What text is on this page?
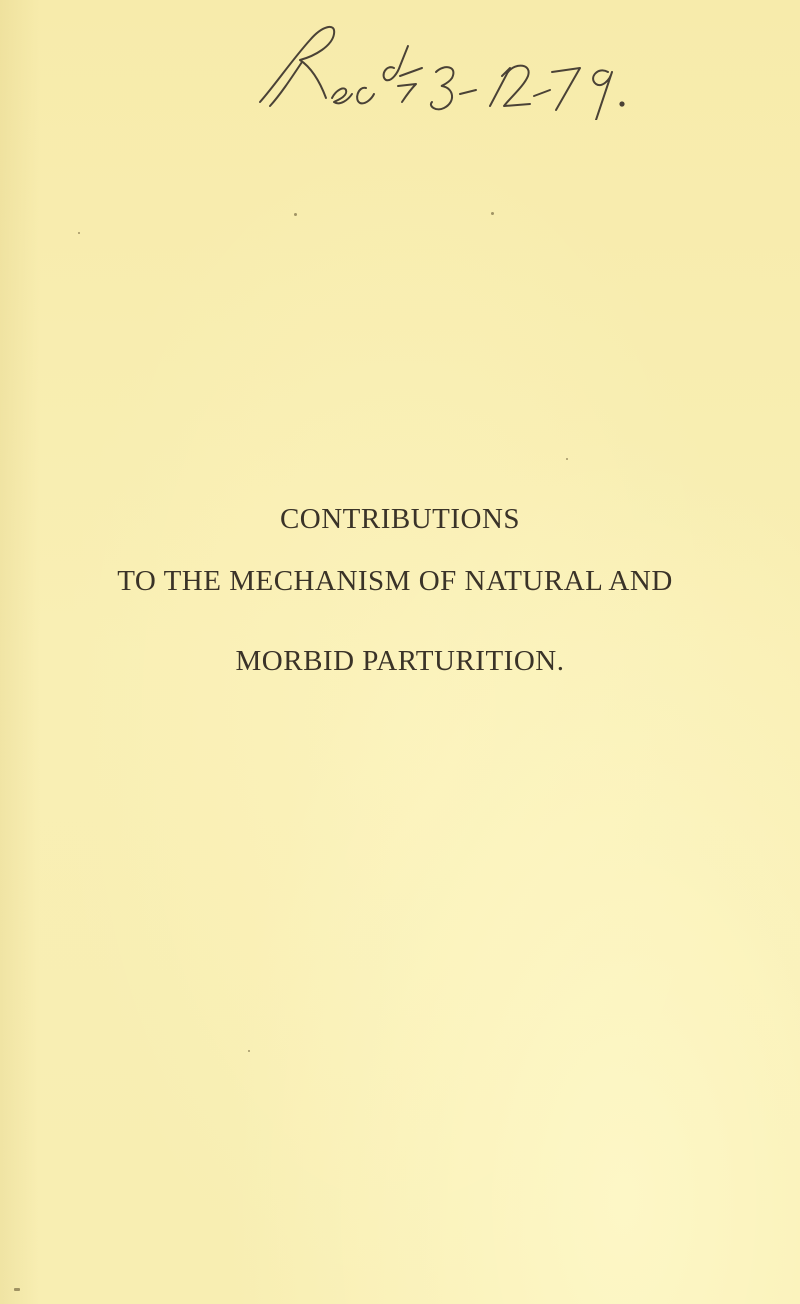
CONTRIBUTIONS
TO THE MECHANISM OF NATURAL AND
MORBID PARTURITION.
